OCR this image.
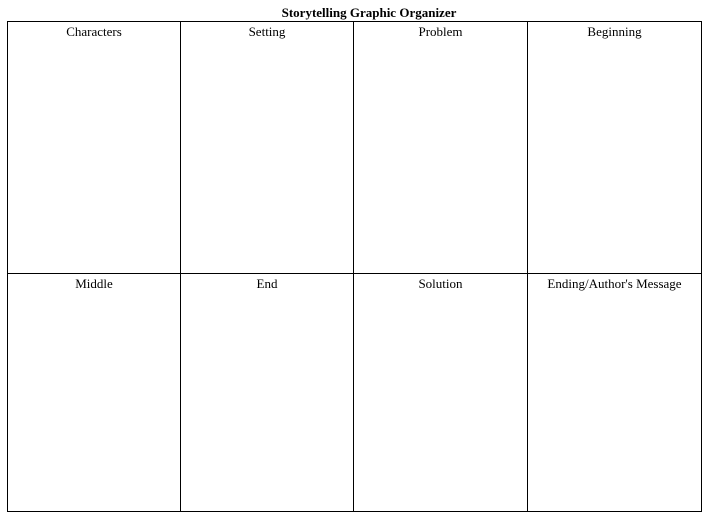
Storytelling Graphic Organizer
Characters	Setting	Problem	Beginning
Middle	End	Solution	Ending/Author's Message
